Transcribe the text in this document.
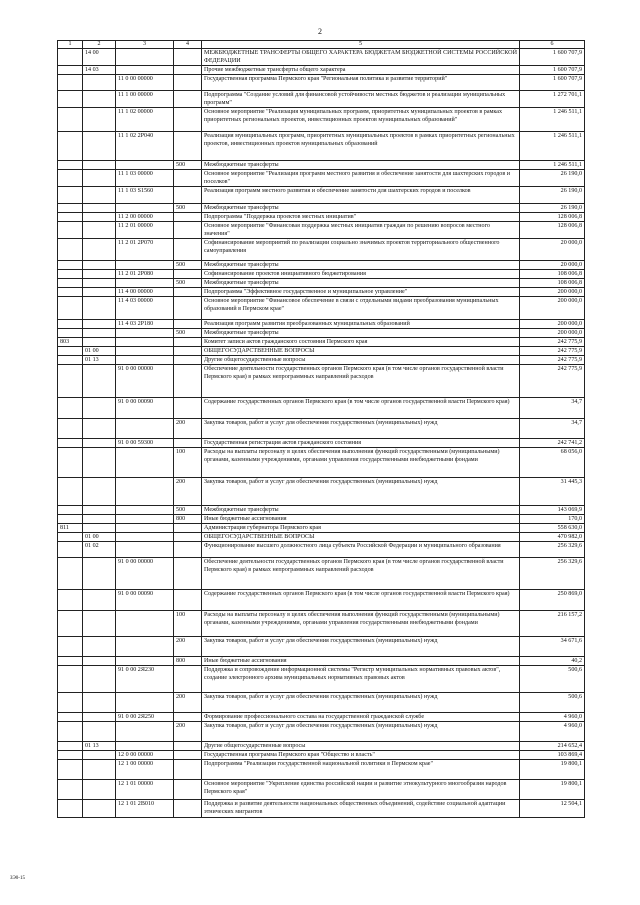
2
1	2	3	4	5	6
	14 00			МЕЖБЮДЖЕТНЫЕ ТРАНСФЕРТЫ ОБЩЕГО ХАРАКТЕРА БЮДЖЕТАМ БЮДЖЕТНОЙ СИСТЕМЫ РОССИЙСКОЙ ФЕДЕРАЦИИ	1 600 707,9
	14 03			Прочие межбюджетные трансферты общего характера	1 600 707,9
		11 0 00 00000		Государственная программа Пермского края "Региональная политика и развитие территорий"	1 600 707,9
		11 1 00 00000		Подпрограмма "Создание условий для финансовой устойчивости местных бюджетов и реализации муниципальных программ"	1 272 701,1
		11 1 02 00000		Основное мероприятие "Реализация муниципальных программ, приоритетных муниципальных проектов в рамках приоритетных региональных проектов, инвестиционных проектов муниципальных образований"	1 246 511,1
		11 1 02 2Р040		Реализация муниципальных программ, приоритетных муниципальных проектов в рамках приоритетных региональных проектов, инвестиционных проектов муниципальных образований	1 246 511,1
			500	Межбюджетные трансферты	1 246 511,1
		11 1 03 00000		Основное мероприятие "Реализация программ местного развития и обеспечение занятости для шахтерских городов и поселков"	26 190,0
		11 1 03 S1560		Реализация программ местного развития и обеспечение занятости для шахтерских городов и поселков	26 190,0
			500	Межбюджетные трансферты	26 190,0
		11 2 00 00000		Подпрограмма "Поддержка проектов местных инициатив"	128 006,8
		11 2 01 00000		Основное мероприятие "Финансовая поддержка местных инициатив граждан по решению вопросов местного значения"	128 006,8
		11 2 01 2Р070		Софинансирование мероприятий по реализации социально значимых проектов территориального общественного самоуправления	20 000,0
			500	Межбюджетные трансферты	20 000,0
		11 2 01 2Р080		Софинансирование проектов инициативного бюджетирования	108 006,8
			500	Межбюджетные трансферты	108 006,8
		11 4 00 00000		Подпрограмма "Эффективное государственное и муниципальное управление"	200 000,0
		11 4 03 00000		Основное мероприятие "Финансовое обеспечение в связи с отдельными видами преобразования муниципальных образований в Пермском крае"	200 000,0
		11 4 03 2Р180		Реализация программ развития преобразованных муниципальных образований	200 000,0
			500	Межбюджетные трансферты	200 000,0
803				Комитет записи актов гражданского состояния Пермского края	242 775,9
	01 00			ОБЩЕГОСУДАРСТВЕННЫЕ ВОПРОСЫ	242 775,9
	01 13			Другие общегосударственные вопросы	242 775,9
		91 0 00 00000		Обеспечение деятельности государственных органов Пермского края (в том числе органов государственной власти Пермского края) в рамках непрограммных направлений расходов	242 775,9
		91 0 00 00090		Содержание государственных органов Пермского края (в том числе органов государственной власти Пермского края)	34,7
			200	Закупка товаров, работ и услуг для обеспечения государственных (муниципальных) нужд	34,7
		91 0 00 59300		Государственная регистрация актов гражданского состояния	242 741,2
			100	Расходы на выплаты персоналу в целях обеспечения выполнения функций государственными (муниципальными) органами, казенными учреждениями, органами управления государственными внебюджетными фондами	68 056,0
			200	Закупка товаров, работ и услуг для обеспечения государственных (муниципальных) нужд	31 445,3
			500	Межбюджетные трансферты	143 069,9
			800	Иные бюджетные ассигнования	170,0
811				Администрация губернатора Пермского края	558 630,0
	01 00			ОБЩЕГОСУДАРСТВЕННЫЕ ВОПРОСЫ	470 982,0
	01 02			Функционирование высшего должностного лица субъекта Российской Федерации и муниципального образования	256 329,6
		91 0 00 00000		Обеспечение деятельности государственных органов Пермского края (в том числе органов государственной власти Пермского края) в рамках непрограммных направлений расходов	256 329,6
		91 0 00 00090		Содержание государственных органов Пермского края (в том числе органов государственной власти Пермского края)	250 869,0
			100	Расходы на выплаты персоналу в целях обеспечения выполнения функций государственными (муниципальными) органами, казенными учреждениями, органами управления государственными внебюджетными фондами	216 157,2
			200	Закупка товаров, работ и услуг для обеспечения государственных (муниципальных) нужд	34 671,6
			800	Иные бюджетные ассигнования	40,2
		91 0 00 2Я230		Поддержка и сопровождение информационной системы "Регистр муниципальных нормативных правовых актов", создание электронного архива муниципальных нормативных правовых актов	500,6
			200	Закупка товаров, работ и услуг для обеспечения государственных (муниципальных) нужд	500,6
		91 0 00 2Я250		Формирование профессионального состава на государственной гражданской службе	4 960,0
			200	Закупка товаров, работ и услуг для обеспечения государственных (муниципальных) нужд	4 960,0
	01 13			Другие общегосударственные вопросы	214 652,4
		12 0 00 00000		Государственная программа Пермского края "Общество и власть"	103 869,4
		12 1 00 00000		Подпрограмма "Реализация государственной национальной политики в Пермском крае"	19 800,1
		12 1 01 00000		Основное мероприятие "Укрепление единства российской нации и развитие этнокультурного многообразия народов Пермского края"	19 800,1
		12 1 01 2В010		Поддержка и развитие деятельности национальных общественных объединений, содействие социальной адаптации этнических мигрантов	12 504,1
ЗЭ0-15
